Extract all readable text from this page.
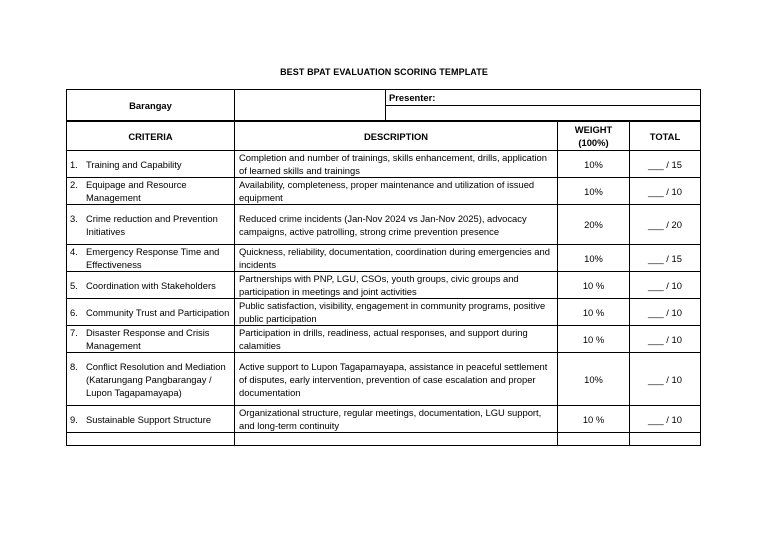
BEST BPAT EVALUATION SCORING TEMPLATE
Barangay		Presenter:

CRITERIA	DESCRIPTION	WEIGHT (100%)	TOTAL

1. Training and Capability	Completion and number of trainings, skills enhancement, drills, application of learned skills and trainings	10%	___ / 15

2. Equipage and Resource Management	Availability, completeness, proper maintenance and utilization of issued equipment	10%	___ / 10

3. Crime reduction and Prevention Initiatives	Reduced crime incidents (Jan-Nov 2024 vs Jan-Nov 2025), advocacy campaigns, active patrolling, strong crime prevention presence	20%	___ / 20

4. Emergency Response Time and Effectiveness	Quickness, reliability, documentation, coordination during emergencies and incidents	10%	___ / 15

5. Coordination with Stakeholders	Partnerships with PNP, LGU, CSOs, youth groups, civic groups and participation in meetings and joint activities	10 %	___ / 10

6. Community Trust and Participation	Public satisfaction, visibility, engagement in community programs, positive public participation	10 %	___ / 10

7. Disaster Response and Crisis Management	Participation in drills, readiness, actual responses, and support during calamities	10 %	___ / 10

8. Conflict Resolution and Mediation (Katarungang Pangbarangay / Lupon Tagapamayapa)	Active support to Lupon Tagapamayapa, assistance in peaceful settlement of disputes, early intervention, prevention of case escalation and proper documentation	10%	___ / 10

9. Sustainable Support Structure	Organizational structure, regular meetings, documentation, LGU support, and long-term continuity	10 %	___ / 10
